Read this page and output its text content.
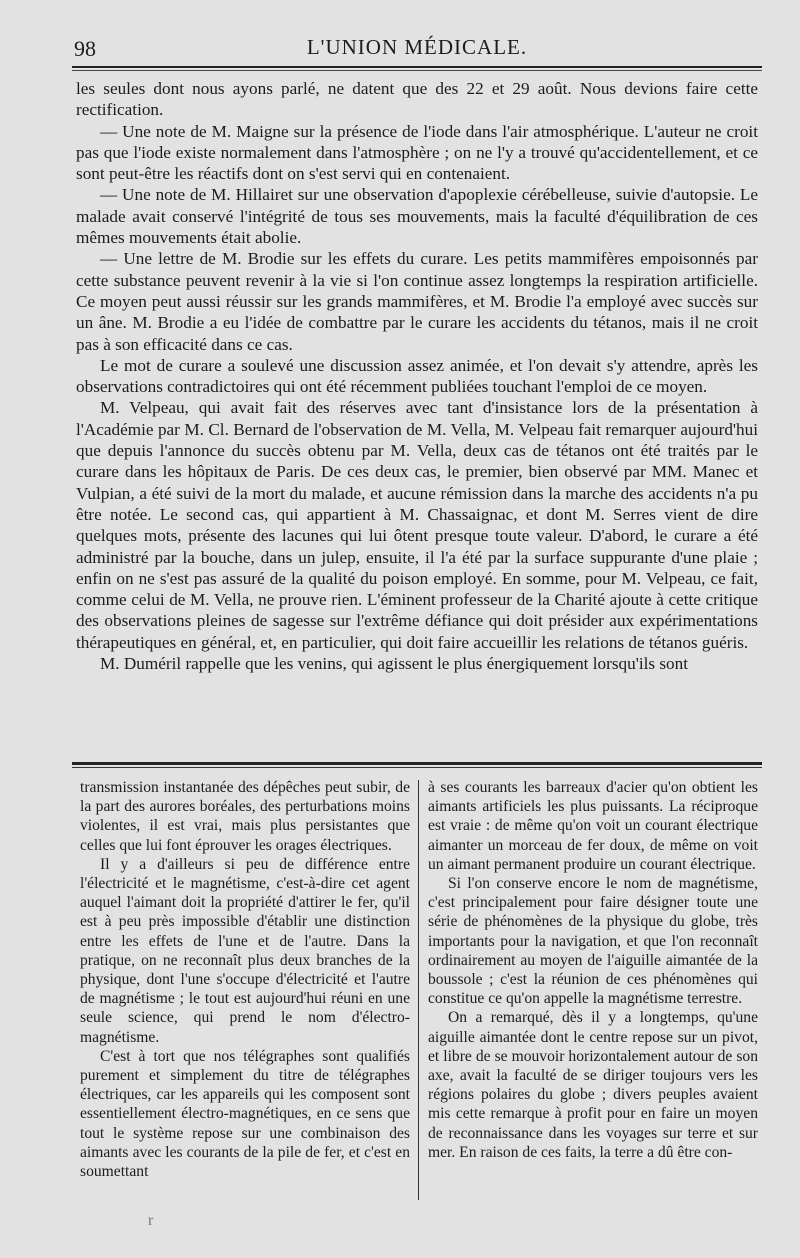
98	L'UNION MÉDICALE.

les seules dont nous ayons parlé, ne datent que des 22 et 29 août. Nous devions faire cette rectification.

— Une note de M. Maigne sur la présence de l'iode dans l'air atmosphérique. L'auteur ne croit pas que l'iode existe normalement dans l'atmosphère ; on ne l'y a trouvé qu'accidentellement, et ce sont peut-être les réactifs dont on s'est servi qui en contenaient.

— Une note de M. Hillairet sur une observation d'apoplexie cérébelleuse, suivie d'autopsie. Le malade avait conservé l'intégrité de tous ses mouvements, mais la faculté d'équilibration de ces mêmes mouvements était abolie.

— Une lettre de M. Brodie sur les effets du curare. Les petits mammifères empoisonnés par cette substance peuvent revenir à la vie si l'on continue assez longtemps la respiration artificielle. Ce moyen peut aussi réussir sur les grands mammifères, et M. Brodie l'a employé avec succès sur un âne. M. Brodie a eu l'idée de combattre par le curare les accidents du tétanos, mais il ne croit pas à son efficacité dans ce cas.

Le mot de curare a soulevé une discussion assez animée, et l'on devait s'y attendre, après les observations contradictoires qui ont été récemment publiées touchant l'emploi de ce moyen.

M. Velpeau, qui avait fait des réserves avec tant d'insistance lors de la présentation à l'Académie par M. Cl. Bernard de l'observation de M. Vella, M. Velpeau fait remarquer aujourd'hui que depuis l'annonce du succès obtenu par M. Vella, deux cas de tétanos ont été traités par le curare dans les hôpitaux de Paris. De ces deux cas, le premier, bien observé par MM. Manec et Vulpian, a été suivi de la mort du malade, et aucune rémission dans la marche des accidents n'a pu être notée. Le second cas, qui appartient à M. Chassaignac, et dont M. Serres vient de dire quelques mots, présente des lacunes qui lui ôtent presque toute valeur. D'abord, le curare a été administré par la bouche, dans un julep, ensuite, il l'a été par la surface suppurante d'une plaie ; enfin on ne s'est pas assuré de la qualité du poison employé. En somme, pour M. Velpeau, ce fait, comme celui de M. Vella, ne prouve rien. L'éminent professeur de la Charité ajoute à cette critique des observations pleines de sagesse sur l'extrême défiance qui doit présider aux expérimentations thérapeutiques en général, et, en particulier, qui doit faire accueillir les relations de tétanos guéris.

M. Duméril rappelle que les venins, qui agissent le plus énergiquement lorsqu'ils sont

transmission instantanée des dépêches peut subir, de la part des aurores boréales, des perturbations moins violentes, il est vrai, mais plus persistantes que celles que lui font éprouver les orages électriques.

Il y a d'ailleurs si peu de différence entre l'électricité et le magnétisme, c'est-à-dire cet agent auquel l'aimant doit la propriété d'attirer le fer, qu'il est à peu près impossible d'établir une distinction entre les effets de l'une et de l'autre. Dans la pratique, on ne reconnaît plus deux branches de la physique, dont l'une s'occupe d'électricité et l'autre de magnétisme ; le tout est aujourd'hui réuni en une seule science, qui prend le nom d'électro-magnétisme.

C'est à tort que nos télégraphes sont qualifiés purement et simplement du titre de télégraphes électriques, car les appareils qui les composent sont essentiellement électro-magnétiques, en ce sens que tout le système repose sur une combinaison des aimants avec les courants de la pile de fer, et c'est en soumettant

à ses courants les barreaux d'acier qu'on obtient les aimants artificiels les plus puissants. La réciproque est vraie : de même qu'on voit un courant électrique aimanter un morceau de fer doux, de même on voit un aimant permanent produire un courant électrique.

Si l'on conserve encore le nom de magnétisme, c'est principalement pour faire désigner toute une série de phénomènes de la physique du globe, très importants pour la navigation, et que l'on reconnaît ordinairement au moyen de l'aiguille aimantée de la boussole ; c'est la réunion de ces phénomènes qui constitue ce qu'on appelle la magnétisme terrestre.

On a remarqué, dès il y a longtemps, qu'une aiguille aimantée dont le centre repose sur un pivot, et libre de se mouvoir horizontalement autour de son axe, avait la faculté de se diriger toujours vers les régions polaires du globe ; divers peuples avaient mis cette remarque à profit pour en faire un moyen de reconnaissance dans les voyages sur terre et sur mer. En raison de ces faits, la terre a dû être con-

r
